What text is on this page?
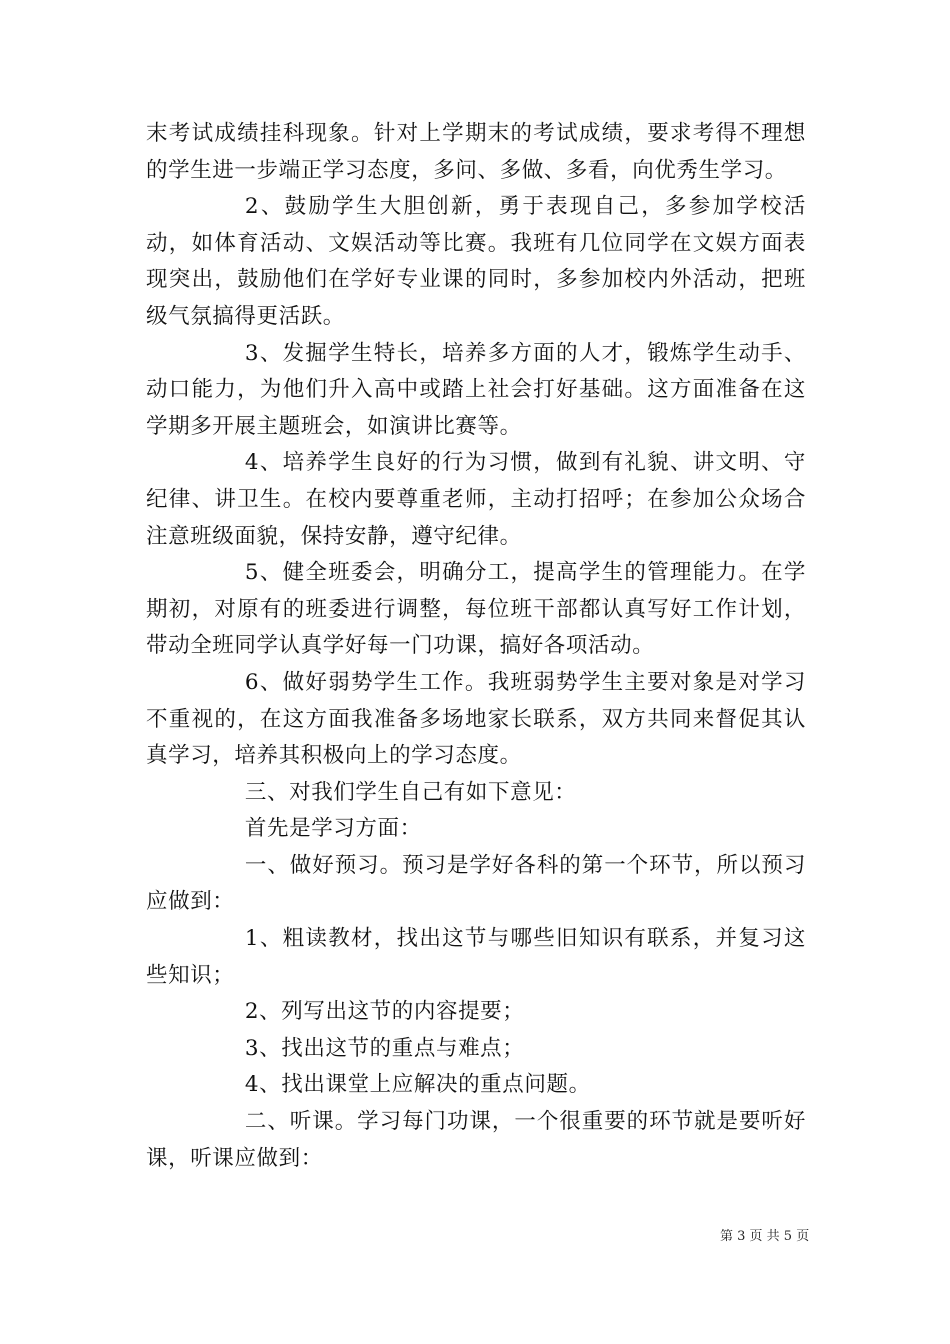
末考试成绩挂科现象。针对上学期末的考试成绩，要求考得不理想的学生进一步端正学习态度，多问、多做、多看，向优秀生学习。

2、鼓励学生大胆创新，勇于表现自己，多参加学校活动，如体育活动、文娱活动等比赛。我班有几位同学在文娱方面表现突出，鼓励他们在学好专业课的同时，多参加校内外活动，把班级气氛搞得更活跃。

3、发掘学生特长，培养多方面的人才，锻炼学生动手、动口能力，为他们升入高中或踏上社会打好基础。这方面准备在这学期多开展主题班会，如演讲比赛等。

4、培养学生良好的行为习惯，做到有礼貌、讲文明、守纪律、讲卫生。在校内要尊重老师，主动打招呼；在参加公众场合注意班级面貌，保持安静，遵守纪律。

5、健全班委会，明确分工，提高学生的管理能力。在学期初，对原有的班委进行调整，每位班干部都认真写好工作计划，带动全班同学认真学好每一门功课，搞好各项活动。

6、做好弱势学生工作。我班弱势学生主要对象是对学习不重视的，在这方面我准备多场地家长联系，双方共同来督促其认真学习，培养其积极向上的学习态度。

三、对我们学生自己有如下意见：

首先是学习方面：

一、做好预习。预习是学好各科的第一个环节，所以预习应做到：

1、粗读教材，找出这节与哪些旧知识有联系，并复习这些知识；

2、列写出这节的内容提要；

3、找出这节的重点与难点；

4、找出课堂上应解决的重点问题。

二、听课。学习每门功课，一个很重要的环节就是要听好课，听课应做到：

第 3 页 共 5 页
